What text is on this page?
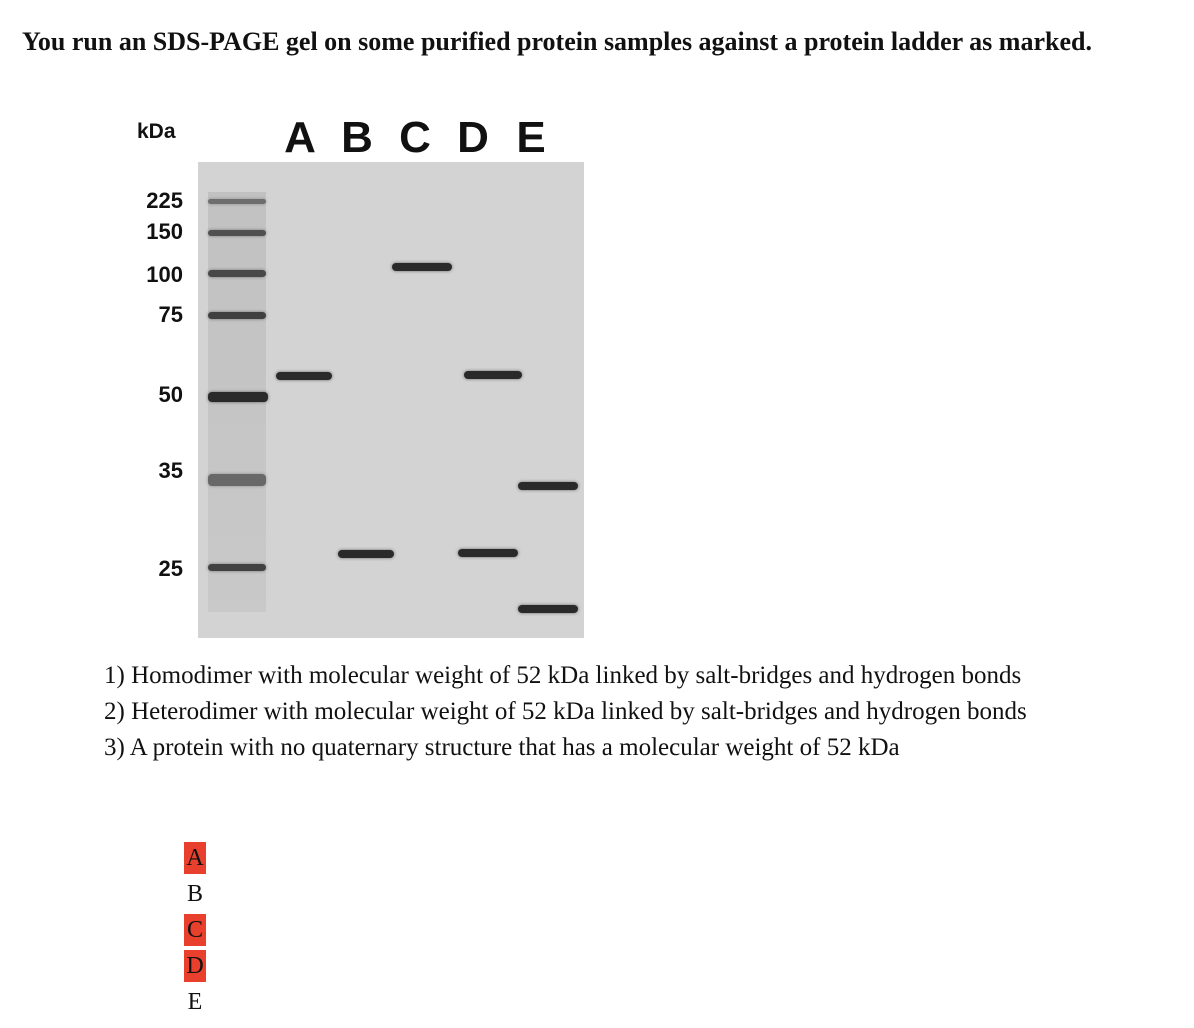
You run an SDS-PAGE gel on some purified protein samples against a protein ladder as marked.

kDa A B C D E
225
150
100
75
50
35
25

1) Homodimer with molecular weight of 52 kDa linked by salt-bridges and hydrogen bonds

2) Heterodimer with molecular weight of 52 kDa linked by salt-bridges and hydrogen bonds

3) A protein with no quaternary structure that has a molecular weight of 52 kDa

A
B
C
D
E
